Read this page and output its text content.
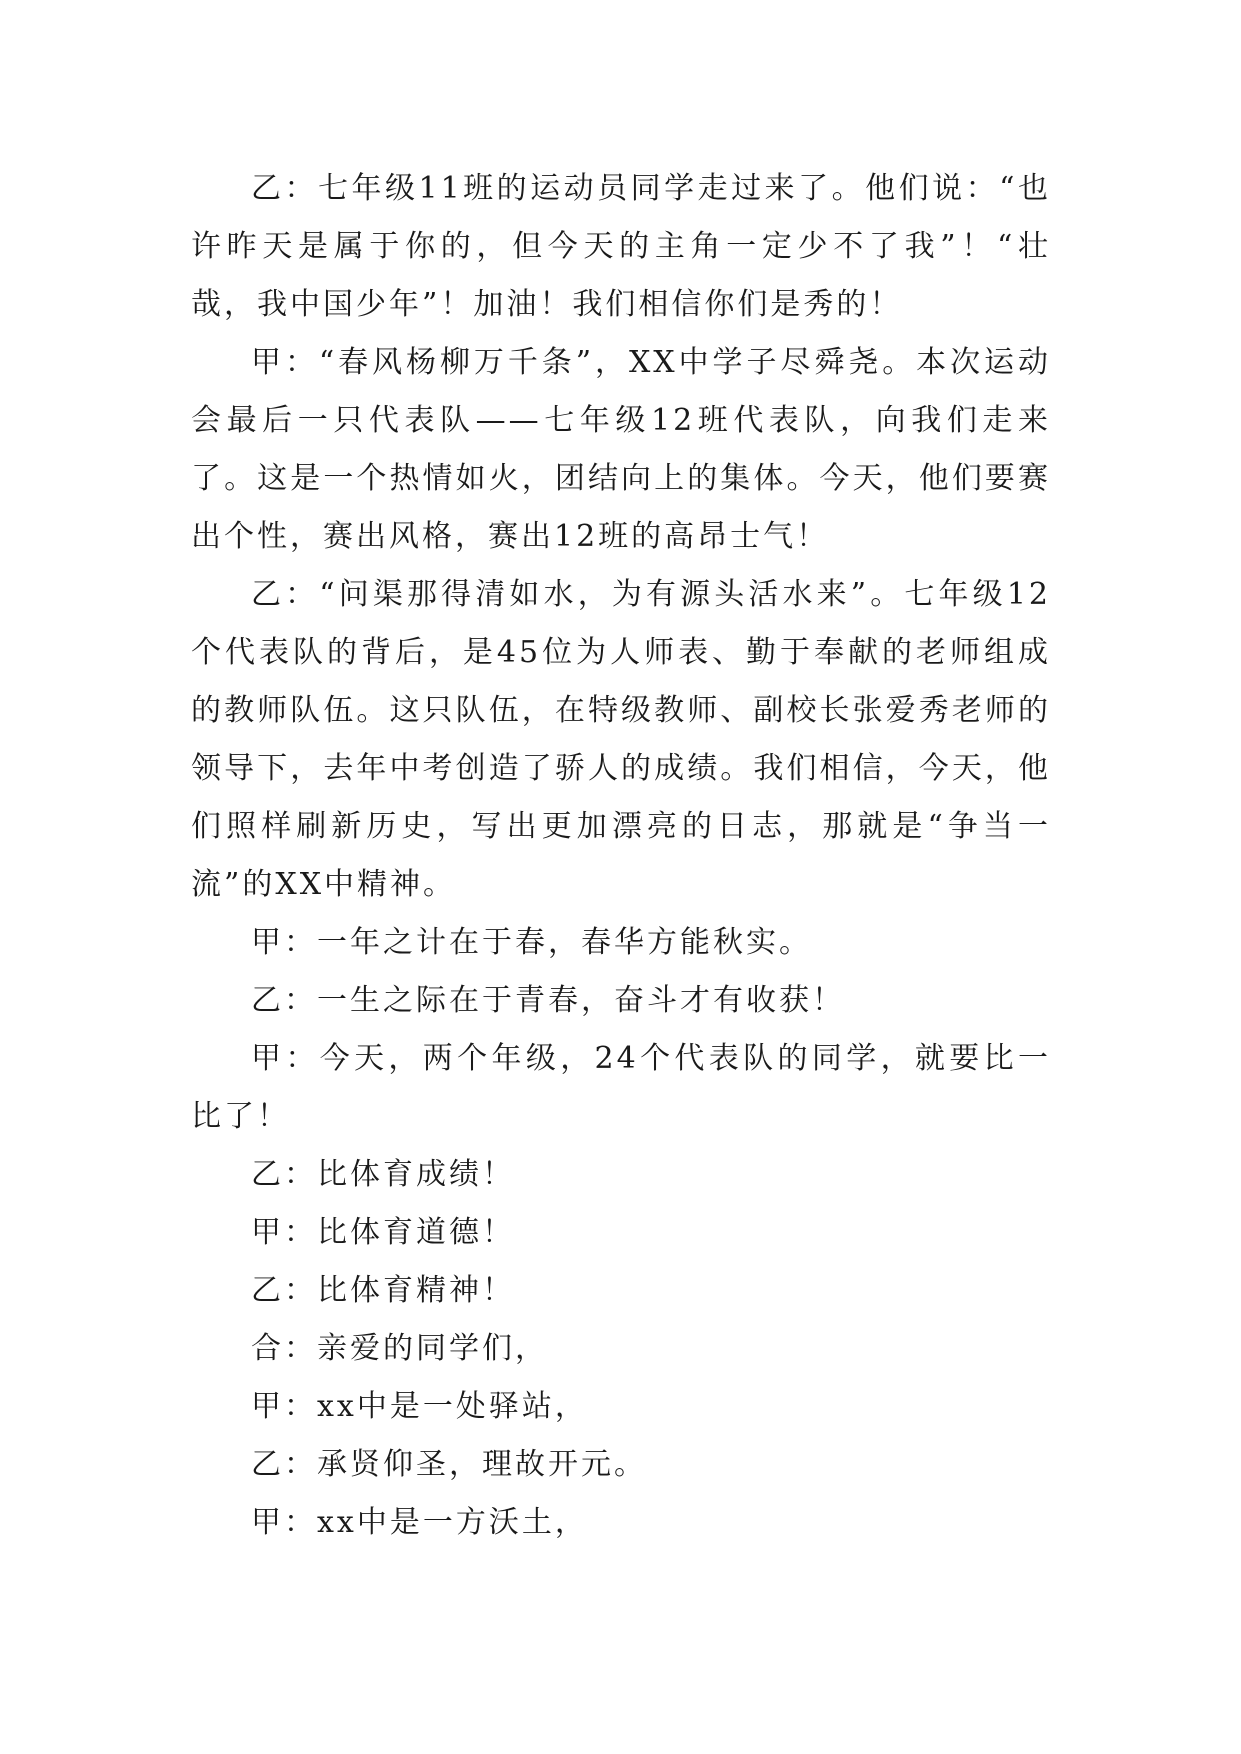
乙：七年级11班的运动员同学走过来了。他们说：“也许昨天是属于你的，但今天的主角一定少不了我”！“壮哉，我中国少年”！加油！我们相信你们是秀的！

甲：“春风杨柳万千条”，XX中学子尽舜尧。本次运动会最后一只代表队——七年级12班代表队，向我们走来了。这是一个热情如火，团结向上的集体。今天，他们要赛出个性，赛出风格，赛出12班的高昂士气！

乙：“问渠那得清如水，为有源头活水来”。七年级12个代表队的背后，是45位为人师表、勤于奉献的老师组成的教师队伍。这只队伍，在特级教师、副校长张爱秀老师的领导下，去年中考创造了骄人的成绩。我们相信，今天，他们照样刷新历史，写出更加漂亮的日志，那就是“争当一流”的XX中精神。

甲：一年之计在于春，春华方能秋实。

乙：一生之际在于青春，奋斗才有收获！

甲：今天，两个年级，24个代表队的同学，就要比一比了！

乙：比体育成绩！

甲：比体育道德！

乙：比体育精神！

合：亲爱的同学们，

甲：xx中是一处驿站，

乙：承贤仰圣，理故开元。

甲：xx中是一方沃土，
